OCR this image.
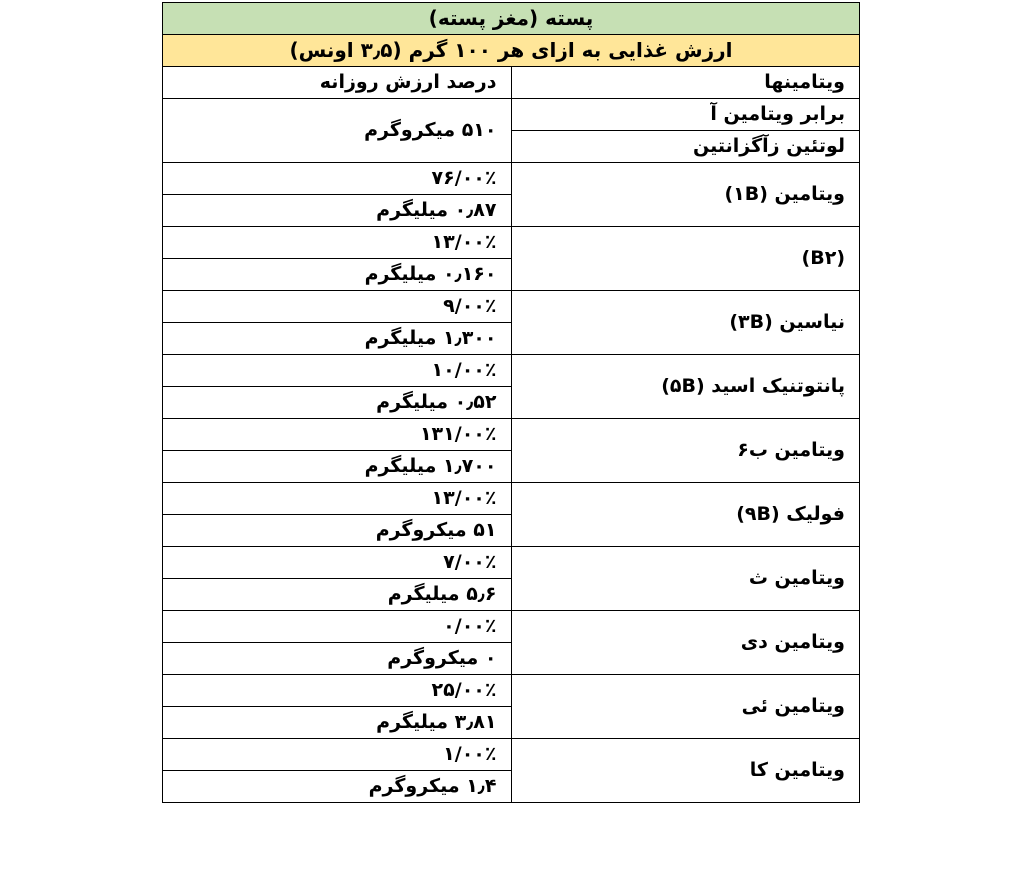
پسته (مغز پسته)	
ارزش غذایی به ازای هر ۱۰۰ گرم (۳٫۵ اونس)	
ویتامینها	درصد ارزش روزانه
برابر ویتامین آ	۵۱۰ میکروگرم
لوتئین زآگزانتین	
ویتامین (۱B)	۰۰٪/۷۶
	۰٫۸۷ میلیگرم
(B۲)	۰۰٪/۱۳
	۰٫۱۶۰ میلیگرم
نیاسین (۳B)	۰۰٪/۹
	۱٫۳۰۰ میلیگرم
پانتوتنیک اسید (۵B)	۰۰٪/۱۰
	۰٫۵۲ میلیگرم
ویتامین ب۶	۰۰٪/۱۳۱
	۱٫۷۰۰ میلیگرم
فولیک (۹B)	۰۰٪/۱۳
	۵۱ میکروگرم
ویتامین ث	۰۰٪/۷
	۵٫۶ میلیگرم
ویتامین دی	۰۰٪/۰
	۰ میکروگرم
ویتامین ئی	۰۰٪/۲۵
	۳٫۸۱ میلیگرم
ویتامین کا	۰۰٪/۱
	۱٫۴ میکروگرم
